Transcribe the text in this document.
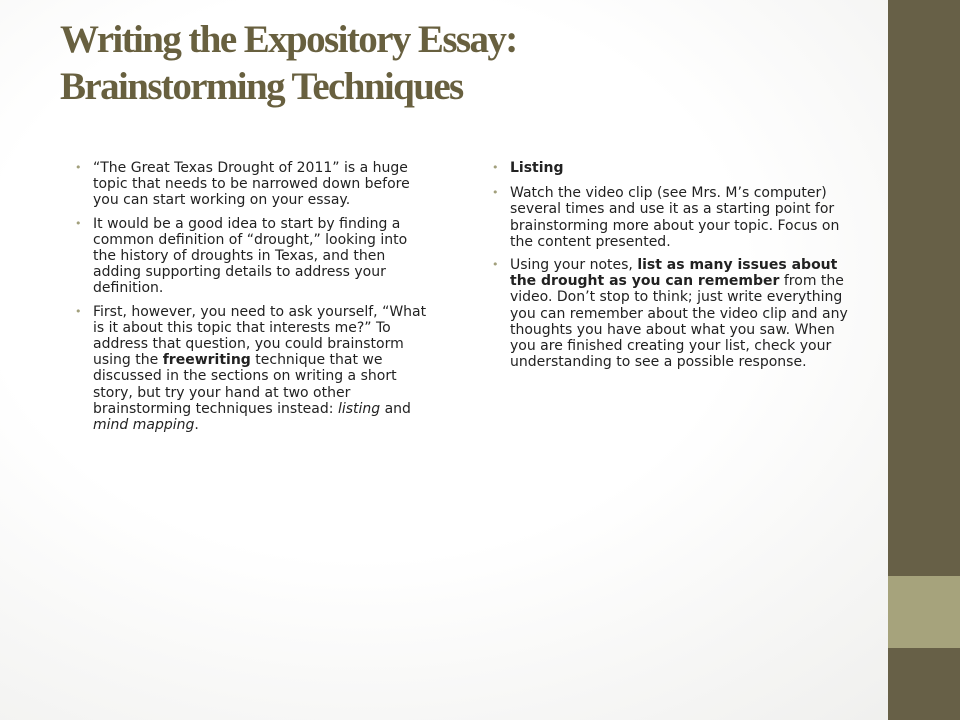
Writing the Expository Essay:
Brainstorming Techniques
• “The Great Texas Drought of 2011” is a huge topic that needs to be narrowed down before you can start working on your essay.
• It would be a good idea to start by finding a common definition of “drought,” looking into the history of droughts in Texas, and then adding supporting details to address your definition.
• First, however, you need to ask yourself, “What is it about this topic that interests me?” To address that question, you could brainstorm using the freewriting technique that we discussed in the sections on writing a short story, but try your hand at two other brainstorming techniques instead: listing and mind mapping.
• Listing
• Watch the video clip (see Mrs. M’s computer) several times and use it as a starting point for brainstorming more about your topic. Focus on the content presented.
• Using your notes, list as many issues about the drought as you can remember from the video. Don’t stop to think; just write everything you can remember about the video clip and any thoughts you have about what you saw. When you are finished creating your list, check your understanding to see a possible response.
